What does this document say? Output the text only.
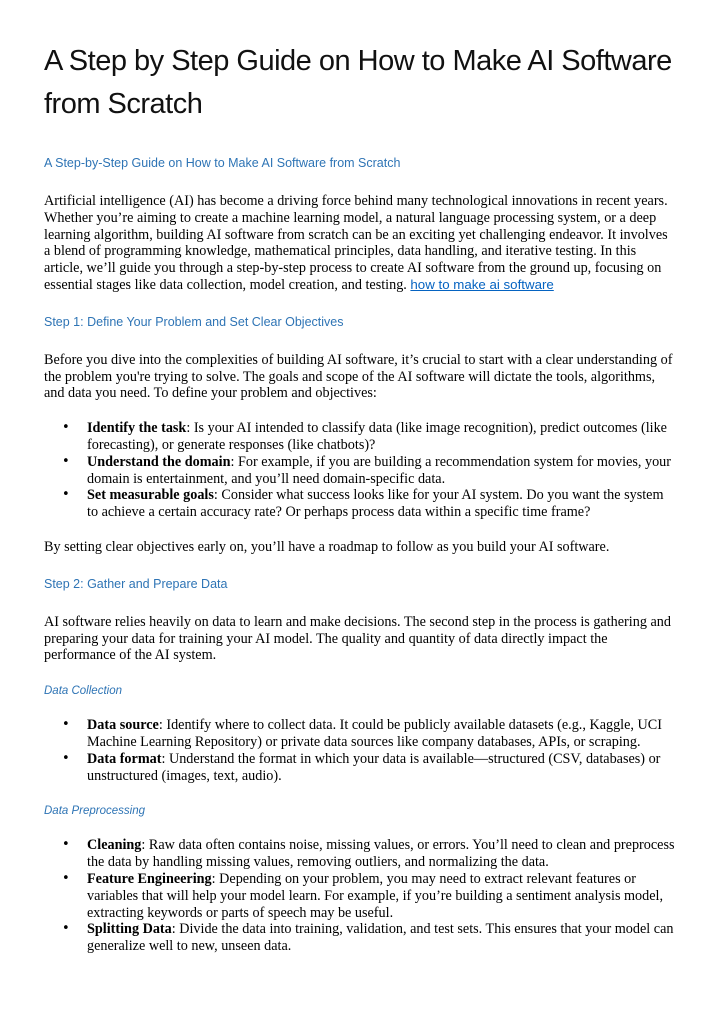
A Step by Step Guide on How to Make AI Software from Scratch
A Step-by-Step Guide on How to Make AI Software from Scratch

Artificial intelligence (AI) has become a driving force behind many technological innovations in recent years. Whether you’re aiming to create a machine learning model, a natural language processing system, or a deep learning algorithm, building AI software from scratch can be an exciting yet challenging endeavor. It involves a blend of programming knowledge, mathematical principles, data handling, and iterative testing. In this article, we’ll guide you through a step-by-step process to create AI software from the ground up, focusing on essential stages like data collection, model creation, and testing. how to make ai software

Step 1: Define Your Problem and Set Clear Objectives

Before you dive into the complexities of building AI software, it’s crucial to start with a clear understanding of the problem you're trying to solve. The goals and scope of the AI software will dictate the tools, algorithms, and data you need. To define your problem and objectives:

• Identify the task: Is your AI intended to classify data (like image recognition), predict outcomes (like forecasting), or generate responses (like chatbots)?
• Understand the domain: For example, if you are building a recommendation system for movies, your domain is entertainment, and you’ll need domain-specific data.
• Set measurable goals: Consider what success looks like for your AI system. Do you want the system to achieve a certain accuracy rate? Or perhaps process data within a specific time frame?

By setting clear objectives early on, you’ll have a roadmap to follow as you build your AI software.

Step 2: Gather and Prepare Data

AI software relies heavily on data to learn and make decisions. The second step in the process is gathering and preparing your data for training your AI model. The quality and quantity of data directly impact the performance of the AI system.

Data Collection
• Data source: Identify where to collect data. It could be publicly available datasets (e.g., Kaggle, UCI Machine Learning Repository) or private data sources like company databases, APIs, or scraping.
• Data format: Understand the format in which your data is available—structured (CSV, databases) or unstructured (images, text, audio).
Data Preprocessing
• Cleaning: Raw data often contains noise, missing values, or errors. You’ll need to clean and preprocess the data by handling missing values, removing outliers, and normalizing the data.
• Feature Engineering: Depending on your problem, you may need to extract relevant features or variables that will help your model learn. For example, if you’re building a sentiment analysis model, extracting keywords or parts of speech may be useful.
• Splitting Data: Divide the data into training, validation, and test sets. This ensures that your model can generalize well to new, unseen data.
